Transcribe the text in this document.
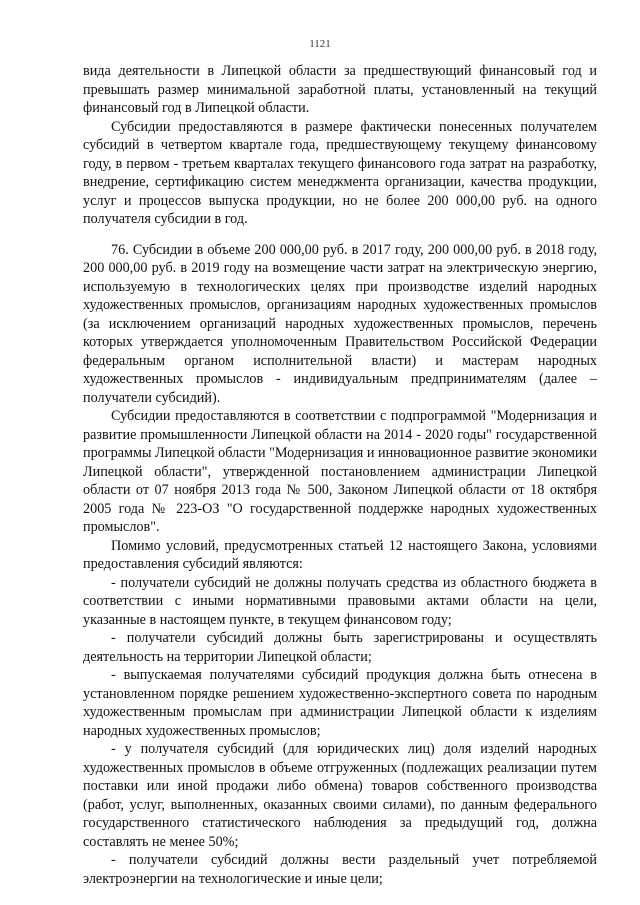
1121

вида деятельности в Липецкой области за предшествующий финансовый год и превышать размер минимальной заработной платы, установленный на текущий финансовый год в Липецкой области.

Субсидии предоставляются в размере фактически понесенных получателем субсидий в четвертом квартале года, предшествующему текущему финансовому году, в первом - третьем кварталах текущего финансового года затрат на разработку, внедрение, сертификацию систем менеджмента организации, качества продукции, услуг и процессов выпуска продукции, но не более 200 000,00 руб. на одного получателя субсидии в год.

76. Субсидии в объеме 200 000,00 руб. в 2017 году, 200 000,00 руб. в 2018 году, 200 000,00 руб. в 2019 году на возмещение части затрат на электрическую энергию, используемую в технологических целях при производстве изделий народных художественных промыслов, организациям народных художественных промыслов (за исключением организаций народных художественных промыслов, перечень которых утверждается уполномоченным Правительством Российской Федерации федеральным органом исполнительной власти) и мастерам народных художественных промыслов - индивидуальным предпринимателям (далее – получатели субсидий).

Субсидии предоставляются в соответствии с подпрограммой "Модернизация и развитие промышленности Липецкой области на 2014 - 2020 годы" государственной программы Липецкой области "Модернизация и инновационное развитие экономики Липецкой области", утвержденной постановлением администрации Липецкой области от 07 ноября 2013 года № 500, Законом Липецкой области от 18 октября 2005 года № 223-ОЗ "О государственной поддержке народных художественных промыслов".

Помимо условий, предусмотренных статьей 12 настоящего Закона, условиями предоставления субсидий являются:

- получатели субсидий не должны получать средства из областного бюджета в соответствии с иными нормативными правовыми актами области на цели, указанные в настоящем пункте, в текущем финансовом году;

- получатели субсидий должны быть зарегистрированы и осуществлять деятельность на территории Липецкой области;

- выпускаемая получателями субсидий продукция должна быть отнесена в установленном порядке решением художественно-экспертного совета по народным художественным промыслам при администрации Липецкой области к изделиям народных художественных промыслов;

- у получателя субсидий (для юридических лиц) доля изделий народных художественных промыслов в объеме отгруженных (подлежащих реализации путем поставки или иной продажи либо обмена) товаров собственного производства (работ, услуг, выполненных, оказанных своими силами), по данным федерального государственного статистического наблюдения за предыдущий год, должна составлять не менее 50%;

- получатели субсидий должны вести раздельный учет потребляемой электроэнергии на технологические и иные цели;
